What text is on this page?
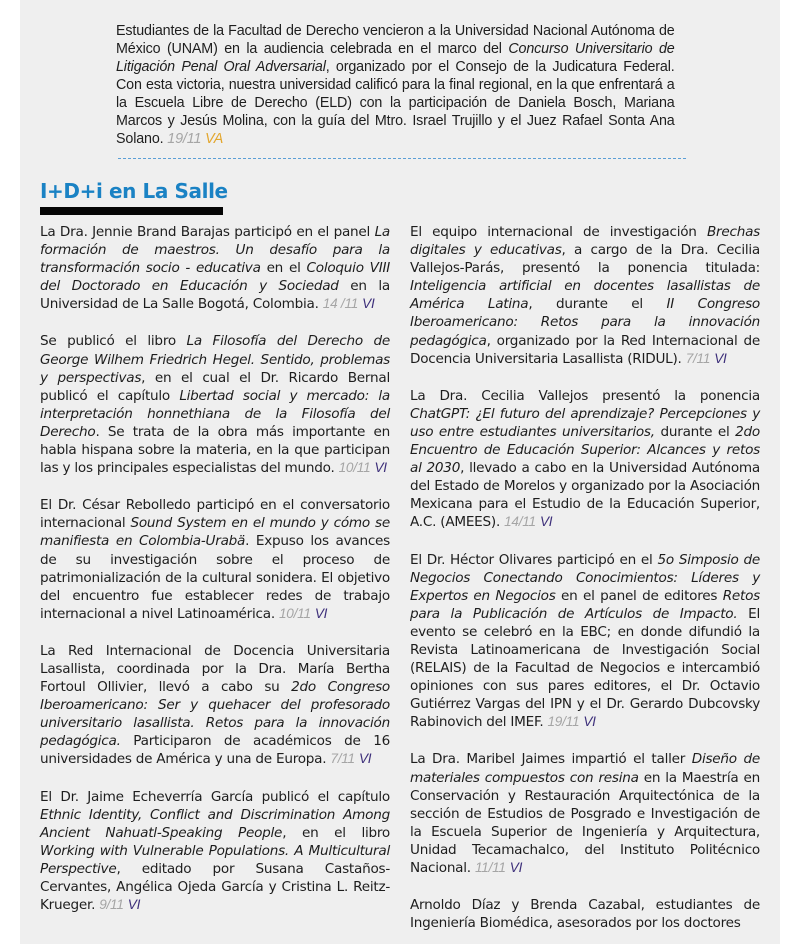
Estudiantes de la Facultad de Derecho vencieron a la Universidad Nacional Autónoma de México (UNAM) en la audiencia celebrada en el marco del Concurso Universitario de Litigación Penal Oral Adversarial, organizado por el Consejo de la Judicatura Federal. Con esta victoria, nuestra universidad calificó para la final regional, en la que enfrentará a la Escuela Libre de Derecho (ELD) con la participación de Daniela Bosch, Mariana Marcos y Jesús Molina, con la guía del Mtro. Israel Trujillo y el Juez Rafael Sonta Ana Solano. 19/11 VA

I+D+i en La Salle

La Dra. Jennie Brand Barajas participó en el panel La formación de maestros. Un desafío para la transformación socio - educativa en el Coloquio VIII del Doctorado en Educación y Sociedad en la Universidad de La Salle Bogotá, Colombia. 14 /11 VI

Se publicó el libro La Filosofía del Derecho de George Wilhem Friedrich Hegel. Sentido, problemas y perspectivas, en el cual el Dr. Ricardo Bernal publicó el capítulo Libertad social y mercado: la interpretación honnethiana de la Filosofía del Derecho. Se trata de la obra más importante en habla hispana sobre la materia, en la que participan las y los principales especialistas del mundo. 10/11 VI

El Dr. César Rebolledo participó en el conversatorio internacional Sound System en el mundo y cómo se manifiesta en Colombia-Urabä. Expuso los avances de su investigación sobre el proceso de patrimonialización de la cultural sonidera. El objetivo del encuentro fue establecer redes de trabajo internacional a nivel Latinoamérica. 10/11 VI

La Red Internacional de Docencia Universitaria Lasallista, coordinada por la Dra. María Bertha Fortoul Ollivier, llevó a cabo su 2do Congreso Iberoamericano: Ser y quehacer del profesorado universitario lasallista. Retos para la innovación pedagógica. Participaron de académicos de 16 universidades de América y una de Europa. 7/11 VI

El Dr. Jaime Echeverría García publicó el capítulo Ethnic Identity, Conflict and Discrimination Among Ancient Nahuatl-Speaking People, en el libro Working with Vulnerable Populations. A Multicultural Perspective, editado por Susana Castaños-Cervantes, Angélica Ojeda García y Cristina L. Reitz-Krueger. 9/11 VI

El equipo internacional de investigación Brechas digitales y educativas, a cargo de la Dra. Cecilia Vallejos-Parás, presentó la ponencia titulada: Inteligencia artificial en docentes lasallistas de América Latina, durante el II Congreso Iberoamericano: Retos para la innovación pedagógica, organizado por la Red Internacional de Docencia Universitaria Lasallista (RIDUL). 7/11 VI

La Dra. Cecilia Vallejos presentó la ponencia ChatGPT: ¿El futuro del aprendizaje? Percepciones y uso entre estudiantes universitarios, durante el 2do Encuentro de Educación Superior: Alcances y retos al 2030, llevado a cabo en la Universidad Autónoma del Estado de Morelos y organizado por la Asociación Mexicana para el Estudio de la Educación Superior, A.C. (AMEES). 14/11 VI

El Dr. Héctor Olivares participó en el 5o Simposio de Negocios Conectando Conocimientos: Líderes y Expertos en Negocios en el panel de editores Retos para la Publicación de Artículos de Impacto. El evento se celebró en la EBC; en donde difundió la Revista Latinoamericana de Investigación Social (RELAIS) de la Facultad de Negocios e intercambió opiniones con sus pares editores, el Dr. Octavio Gutiérrez Vargas del IPN y el Dr. Gerardo Dubcovsky Rabinovich del IMEF. 19/11 VI

La Dra. Maribel Jaimes impartió el taller Diseño de materiales compuestos con resina en la Maestría en Conservación y Restauración Arquitectónica de la sección de Estudios de Posgrado e Investigación de la Escuela Superior de Ingeniería y Arquitectura, Unidad Tecamachalco, del Instituto Politécnico Nacional. 11/11 VI

Arnoldo Díaz y Brenda Cazabal, estudiantes de Ingeniería Biomédica, asesorados por los doctores
